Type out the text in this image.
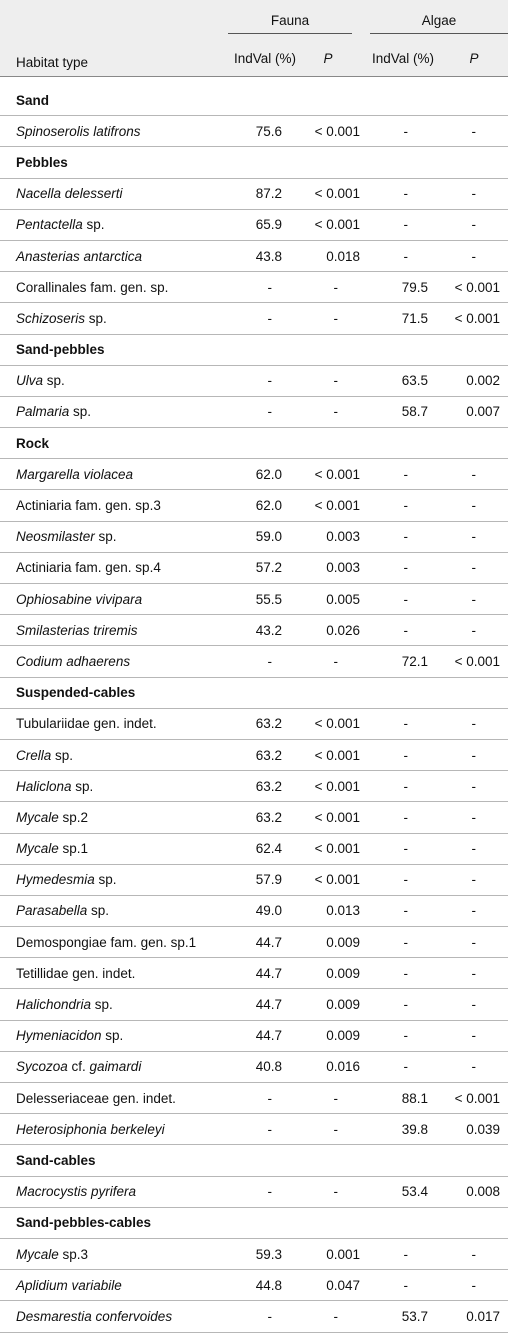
	Fauna		Algae	

Habitat type	IndVal (%)	P	IndVal (%)	P

Sand				
Spinoserolis latifrons	75.6	< 0.001	-	-
Pebbles				
Nacella delesserti	87.2	< 0.001	-	-
Pentactella sp.	65.9	< 0.001	-	-
Anasterias antarctica	43.8	0.018	-	-
Corallinales fam. gen. sp.	-	-	79.5	< 0.001
Schizoseris sp.	-	-	71.5	< 0.001
Sand-pebbles				
Ulva sp.	-	-	63.5	0.002
Palmaria sp.	-	-	58.7	0.007
Rock				
Margarella violacea	62.0	< 0.001	-	-
Actiniaria fam. gen. sp.3	62.0	< 0.001	-	-
Neosmilaster sp.	59.0	0.003	-	-
Actiniaria fam. gen. sp.4	57.2	0.003	-	-
Ophiosabine vivipara	55.5	0.005	-	-
Smilasterias triremis	43.2	0.026	-	-
Codium adhaerens	-	-	72.1	< 0.001
Suspended-cables				
Tubulariidae gen. indet.	63.2	< 0.001	-	-
Crella sp.	63.2	< 0.001	-	-
Haliclona sp.	63.2	< 0.001	-	-
Mycale sp.2	63.2	< 0.001	-	-
Mycale sp.1	62.4	< 0.001	-	-
Hymedesmia sp.	57.9	< 0.001	-	-
Parasabella sp.	49.0	0.013	-	-
Demospongiae fam. gen. sp.1	44.7	0.009	-	-
Tetillidae gen. indet.	44.7	0.009	-	-
Halichondria sp.	44.7	0.009	-	-
Hymeniacidon sp.	44.7	0.009	-	-
Sycozoa cf. gaimardi	40.8	0.016	-	-
Delesseriaceae gen. indet.	-	-	88.1	< 0.001
Heterosiphonia berkeleyi	-	-	39.8	0.039
Sand-cables				
Macrocystis pyrifera	-	-	53.4	0.008
Sand-pebbles-cables				
Mycale sp.3	59.3	0.001	-	-
Aplidium variabile	44.8	0.047	-	-
Desmarestia confervoides	-	-	53.7	0.017
